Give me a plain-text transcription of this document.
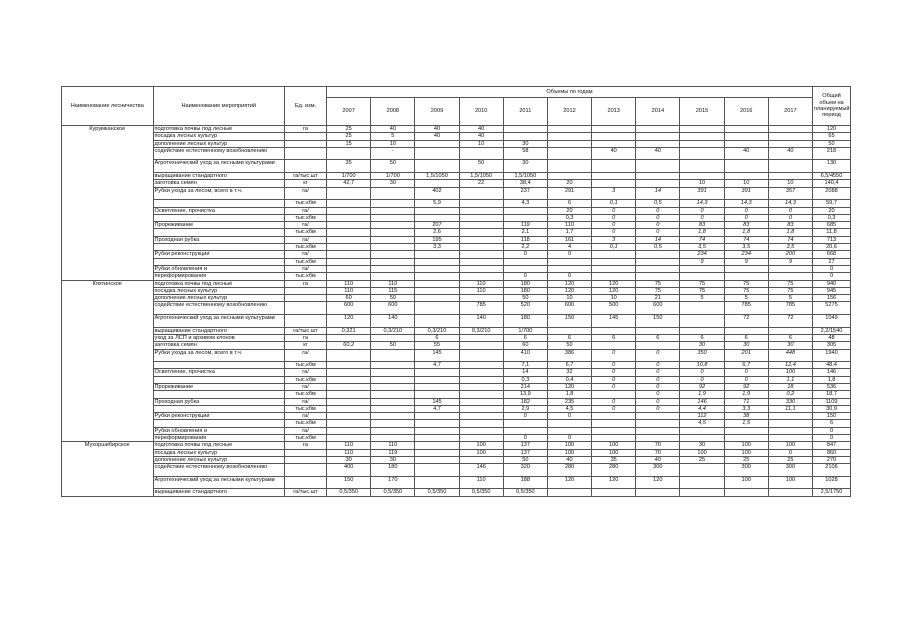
Наименование лесничества	Наименование мероприятий	Ед. изм.	Объемы по годам											Общий объем на планируемый период
			2007	2008	2009	2010	2011	2012	2013	2014	2015	2016	2017	
Курумканское	подготовка почвы под лесные	га	25	40	40	40								120
	посадка лесных культур		25	5	40	40								65
	дополнение лесных культур		15	10		10	30							50
	содействие естественному возобновлению			-			58		40	40		40	40	218
	Агротехнический уход за лесными культурами		35	50		50	30							130
	выращивание стандартного	га/тыс.шт	1/700	1/700	1,5/1050	1,5/1050	1,5/1050							6,5/4550
	заготовка семян	кг	42,7	30		22	38,4	20			10	10	10	140,4
	Рубки ухода за лесом, всего в т.ч.	га/			402		237	291	3	14	391	391	357	2088
		тыс.кбм			5,9		4,3	6	0,1	0,5	14,3	14,3	14,3	59,7
	Осветление, прочистка	га/						20	0	0	0	0	0	20
		тыс.кбм						0,3	0	0	0	0	0	0,3
	Прореживание	га/			207		119	110	0	0	83	83	83	685
		тыс.кбм			2,6		2,1	1,7	0	0	1,8	1,8	1,8	11,8
	Проходная рубка	га/			195		118	161	3	14	74	74	74	713
		тыс.кбм			3,3		2,2	4	0,1	0,5	3,5	3,5	3,5	20,6
	Рубки реконструкции	га/					0	0			234	234	200	668
		тыс.кбм									9	9	9	27
	Рубки обновления и	га/												0
	переформирования	тыс.кбм					0	0						0
Кяхтинское	подготовка почвы под лесные	га	110	110		110	180	120	120	75	75	75	75	940
	посадка лесных культур		110	115		110	180	120	120	75	75	75	75	945
	дополнение лесных культур		60	50			50	10	10	21	5	5	5	156
	содействие естественному возобновлению		600	600		785	520	600	500	600		785	785	5275
	Агротехнический уход за лесными культурами		120	140		140	180	150	145	150		72	72	1049
	выращивание стандартного	га/тыс.шт	0,321	0,3/210	0,3/210	0,3/210	1/700							2,2/1540
	уход за ЛСП и архивом клонов	га			6		6	6	6	6	6	6	6	48
	заготовка семян	кг	60,2	50	55		60	50			30	30	30	305
	Рубки ухода за лесом, всего в т.ч.	га/			145		410	386	0	0	350	201	448	1940
		тыс.кбм			4,7		7,1	6,7	0	0	10,8	6,7	12,4	48,4
	Осветление, прочистка	га/					14	32	0	0	0	0	100	146
		тыс.кбм					0,3	0,4	0	0	0	0	1,1	1,8
	Прореживание	га/					214	120	0	0	92	92	18	536
		тыс.кбм					13,9	1,8		0	1,9	1,9	0,2	18,7
	Проходная рубка	га/			145		182	235	0	0	146	71	330	1109
		тыс.кбм			4,7		2,9	4,5	0	0	4,4	3,3	11,1	30,9
	Рубки реконструкции	га/					0	0			112	38		150
		тыс.кбм									4,5	1,5		6
	Рубки обновления и	га/												0
	переформирования	тыс.кбм					0	0						0
Мухоршибирское	подготовка почвы под лесные	га	110	110		100	137	100	100	70	30	100	100	847
	посадка лесных культур		110	119		100	137	100	100	70	100	100	0	860
	дополнение лесных культур		30	30			50	40	35	40	25	25	25	270
	содействие естественному возобновлению		400	180		146	320	280	280	300		300	300	2106
	Агротехнический уход за лесными культурами		150	170		110	188	120	120	120		100	100	1028
	выращивание стандартного	га/тыс.шт	0,5/350	0,5/350	0,5/350	0,5/350	0,5/350							2,5/1750
